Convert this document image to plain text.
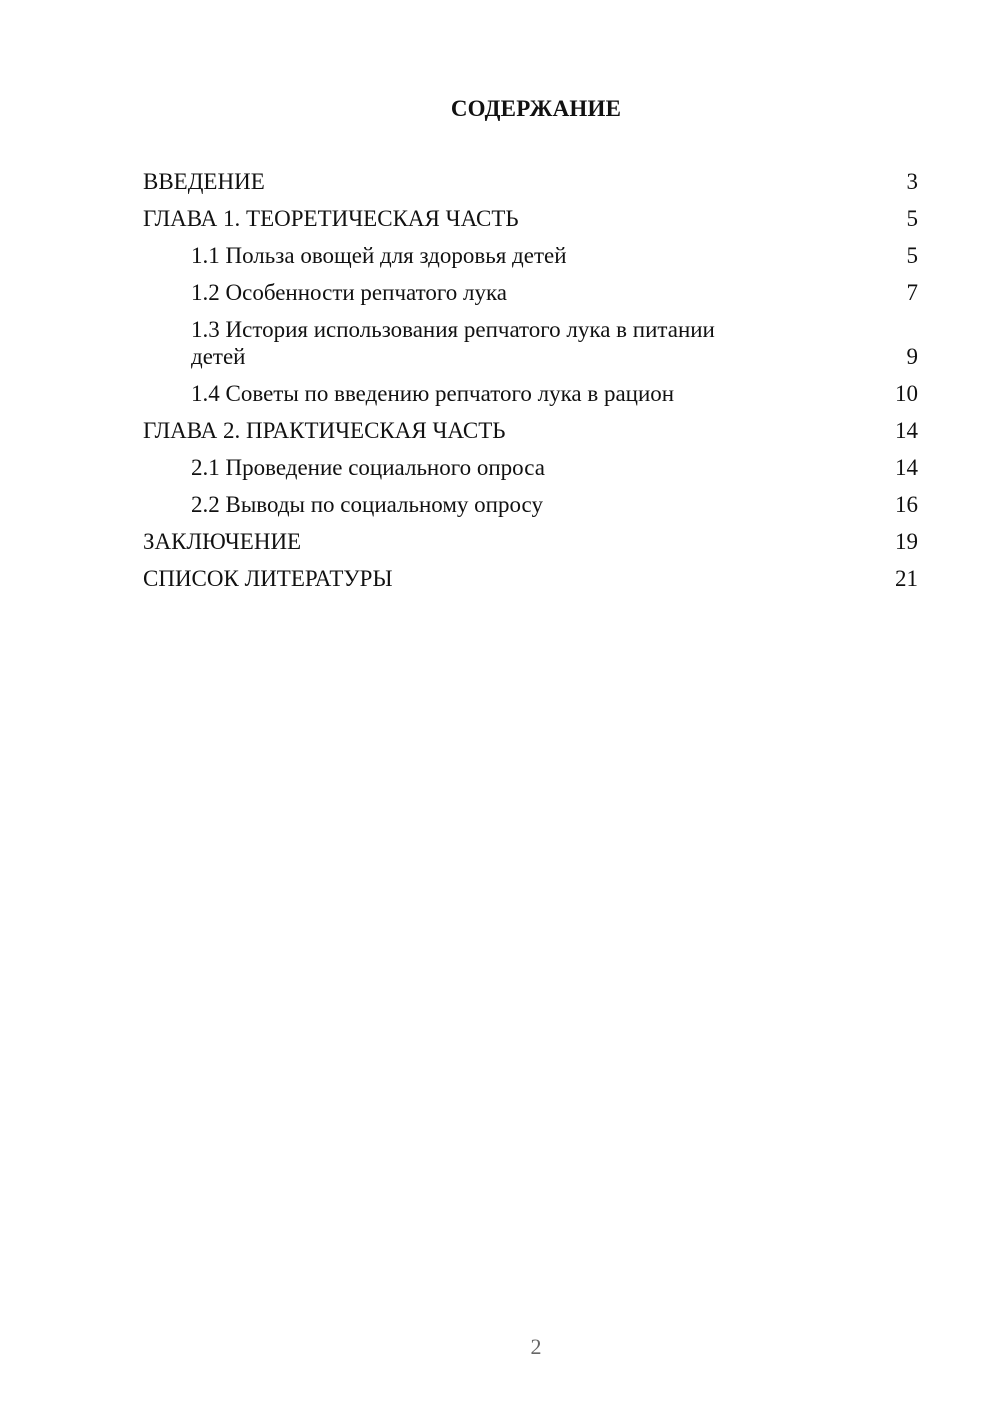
СОДЕРЖАНИЕ
ВВЕДЕНИЕ	3
ГЛАВА 1. ТЕОРЕТИЧЕСКАЯ ЧАСТЬ	5
1.1 Польза овощей для здоровья детей	5
1.2 Особенности репчатого лука	7
1.3 История использования репчатого лука в питании детей	9
1.4 Советы по введению репчатого лука в рацион	10
ГЛАВА 2. ПРАКТИЧЕСКАЯ ЧАСТЬ	14
2.1 Проведение социального опроса	14
2.2 Выводы по социальному опросу	16
ЗАКЛЮЧЕНИЕ	19
СПИСОК ЛИТЕРАТУРЫ	21
2
